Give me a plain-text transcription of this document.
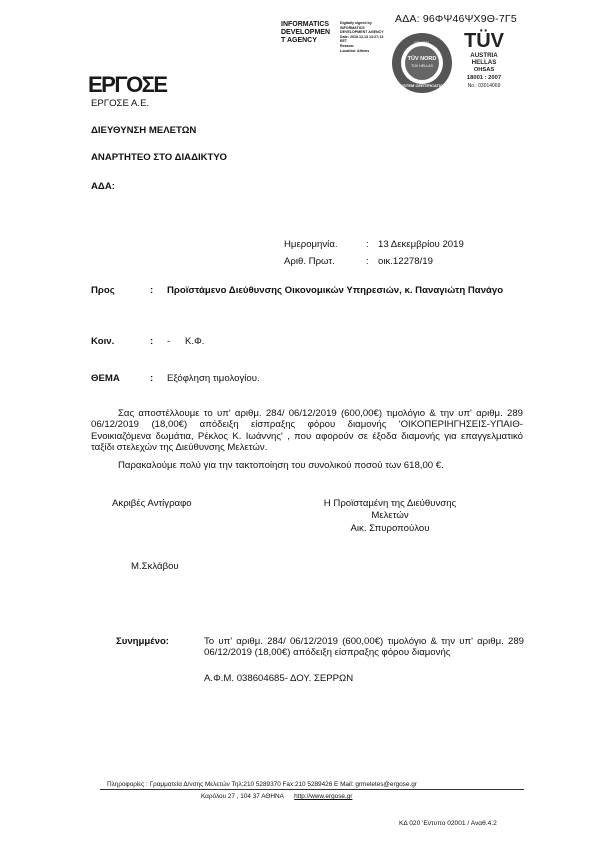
ΑΔΑ: 96ΦΨ46ΨΧ9Θ-7Γ5
INFORMATICS
DEVELOPMEN
T AGENCY
Digitally signed by
INFORMATICS
DEVELOPMENT AGENCY
Date: 2019.12.13 13:27:13
EET
Reason:
Location: Athens
TÜV NORD
TÜV HELLAS
ISO 9001
SYSTEM CERTIFICATION
TÜV
AUSTRIA
HELLAS
OHSAS
18001 : 2007
No.: 03014069
ΕΡΓΟΣΕ
ΕΡΓΟΣΕ Α.Ε.
ΔΙΕΥΘΥΝΣΗ ΜΕΛΕΤΩΝ
ΑΝΑΡΤΗΤΕΟ ΣΤΟ ΔΙΑΔΙΚΤΥΟ
ΑΔΑ:
Ημερομηνία.	: 13 Δεκεμβρίου 2019
Αριθ. Πρωτ.	: οικ.12278/19
Προς	: Προϊστάμενο Διεύθυνσης Οικονομικών Υπηρεσιών, κ. Παναγιώτη Πανάγο
Κοιν.	: - Κ.Φ.
ΘΕΜΑ	: Εξόφληση τιμολογίου.

Σας αποστέλλουμε το υπ' αριθμ. 284/ 06/12/2019 (600,00€) τιμολόγιο & την υπ' αριθμ. 289 06/12/2019 (18,00€) απόδειξη είσπραξης φόρου διαμονής 'ΟΙΚΟΠΕΡΙΗΓΗΣΕΙΣ-ΥΠΑΙΘ-Ενοικιαζόμενα δωμάτια, Ρέκλος Κ. Ιωάννης' , που αφορούν σε έξοδα διαμονής για επαγγελματικό ταξίδι στελεχών της Διεύθυνσης Μελετών.

Παρακαλούμε πολύ για την τακτοποίηση του συνολικού ποσού των 618,00 €.
Ακριβές Αντίγραφο	Η Προϊσταμένη της Διεύθυνσης
Μελετών
Αικ. Σπυροπούλου
Μ.Σκλάβου
Συνημμένο:	Το υπ' αριθμ. 284/ 06/12/2019 (600,00€) τιμολόγιο & την υπ' αριθμ. 289 06/12/2019 (18,00€) απόδειξη είσπραξης φόρου διαμονής

Α.Φ.Μ. 038604685- ΔΟΥ. ΣΕΡΡΩΝ
Πληροφορίες : Γραμματεία Δ/νσης Μελετών Τηλ:210 5289370 Fax:210 5289426 E Mail: grmeletes@ergose.gr
Καρόλου 27 , 104 37 ΑΘΗΝΑ      http://www.ergose.gr
ΚΔ 020 'Εντυπο 02001 / Αναθ.4.2
